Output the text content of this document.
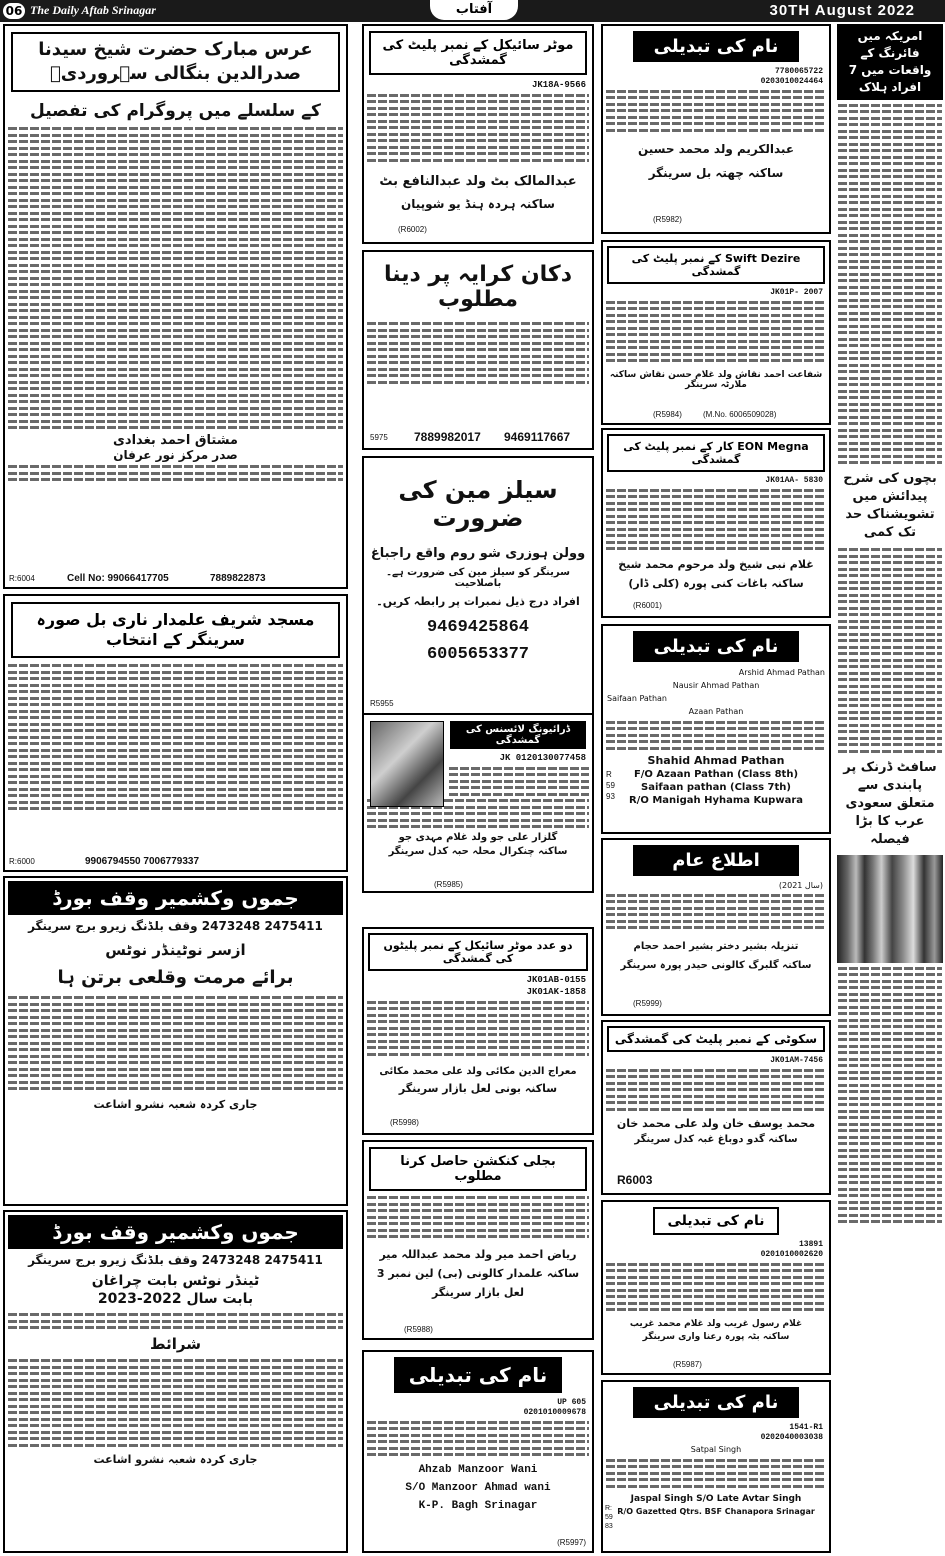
06 The Daily Aftab Srinagar	آفتاب	30TH August 2022
عرس مبارک حضرت شیخ سیدنا صدرالدین بنگالی سہروردیؒ
کے سلسلے میں پروگرام کی تفصیل
مشتاق احمد بغدادی
صدر مرکز نور عرفان
R:6004	Cell No: 99066417705	7889822873
مسجد شریف علمدار ناری بل صورہ سرینگر کے انتخاب
R:6000	9906794550 7006779337
جموں وکشمیر وقف بورڈ
2475411 2473248 وقف بلڈنگ زیرو برج سرینگر
ازسر نوٹینڈر نوٹس
برائے مرمت وقلعی برتن ہا
جاری کردہ شعبہ نشرو اشاعت
جموں وکشمیر وقف بورڈ
2475411 2473248 وقف بلڈنگ زیرو برج سرینگر
ٹینڈر نوٹس بابت چراغان
بابت سال 2022-2023
شرائط
جاری کردہ شعبہ نشرو اشاعت
موٹر سائیکل کے نمبر پلیٹ کی گمشدگی
JK18A-9566
عبدالمالک بٹ ولد عبدالنافع بٹ
ساکنہ ہردہ ہنڈ یو شوپیان
(R6002)
دکان کرایہ پر دینا مطلوب
5975 7889982017 9469117667
سیلز مین کی ضرورت
وولن ہوزری شو روم واقع راجباغ
سرینگر کو سیلز مین کی ضرورت ہے۔ باصلاحیت
افراد درج ذیل نمبرات پر رابطہ کریں۔
9469425864
6005653377
R5955
ڈرائیونگ لائسنس کی گمشدگی
JK 0120130077458
گلزار علی جو ولد غلام مہدی جو
ساکنہ چنکرال محلہ حبہ کدل سرینگر
(R5985)
دو عدد موٹر سائیکل کے نمبر پلیٹوں کی گمشدگی
JK01AB-0155
JK01AK-1858
معراج الدین مکائی ولد علی محمد مکائی
ساکنہ بونی لعل بازار سرینگر
(R5998)
بجلی کنکشن حاصل کرنا مطلوب
ریاض احمد میر ولد محمد عبداللہ میر
ساکنہ علمدار کالونی (بی) لین نمبر 3
لعل بازار سرینگر
(R5988)
نام کی تبدیلی
UP 605
0201010009678
Ahzab Manzoor Wani
S/O Manzoor Ahmad wani
K-P. Bagh Srinagar
(R5997)
نام کی تبدیلی
7780065722
0203010024464
عبدالکریم ولد محمد حسین
ساکنہ چھتہ بل سرینگر
(R5982)
Swift Dezire کے نمبر پلیٹ کی گمشدگی
JK01P- 2007
شفاعت احمد نقاش ولد غلام حسن نقاش ساکنہ ملارٹہ سرینگر
(R5984)	(M.No. 6006509028)
EON Megna کار کے نمبر پلیٹ کی گمشدگی
JK01AA- 5830
غلام نبی شیخ ولد مرحوم محمد شیخ
ساکنہ باغات کنی پورہ (کلی ڈار)
(R6001)
نام کی تبدیلی
Arshid Ahmad Pathan
Nausir Ahmad Pathan
Saifaan Pathan
Azaan Pathan
Shahid Ahmad Pathan
F/O Azaan Pathan (Class 8th)
Saifaan pathan (Class 7th)
R/O Manigah Hyhama Kupwara
R5993
اطلاع عام
(سال 2021)
تنزیلہ بشیر دختر بشیر احمد حجام
ساکنہ گلبرگ کالونی حیدر پورہ سرینگر
(R5999)
سکوٹی کے نمبر پلیٹ کی گمشدگی
JK01AM-7456
محمد یوسف خان ولد علی محمد خان
ساکنہ گدو دوباغ غبہ کدل سرینگر
R6003
نام کی تبدیلی
13891
0201010002620
غلام رسول غریب ولد غلام محمد غریب
ساکنہ بٹہ پورہ رعنا واری سرینگر
(R5987)
نام کی تبدیلی
1541-R1
0202040003038
Satpal Singh
Jaspal Singh S/O Late Avtar Singh
R/O Gazetted Qtrs. BSF Chanapora Srinagar
R:5983
امریکہ میں فائرنگ کے واقعات میں 7 افراد ہلاک
بچوں کی شرح پیدائش میں تشویشناک حد تک کمی
سافٹ ڈرنک پر پابندی سے متعلق سعودی عرب کا بڑا فیصلہ
